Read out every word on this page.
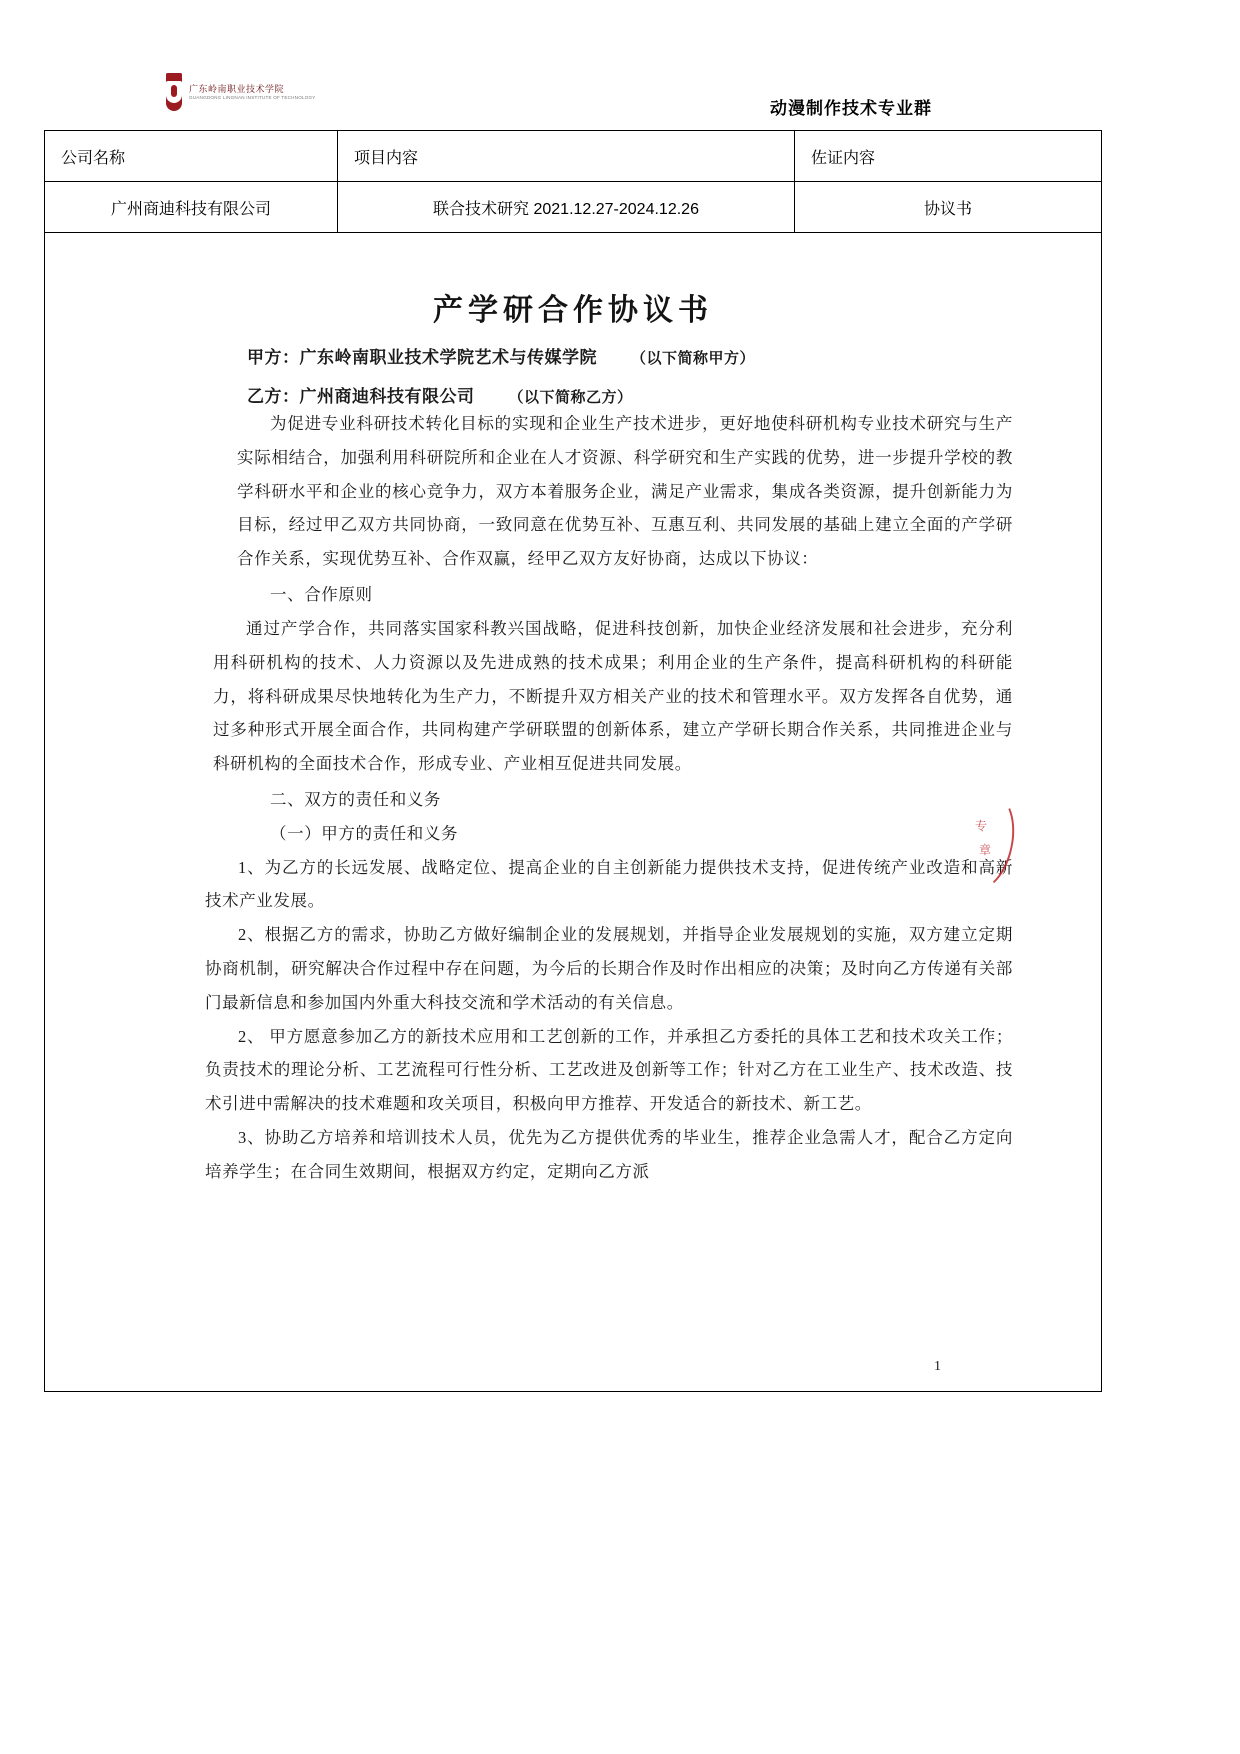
广东岭南职业技术学院
GUANGDONG LINGNAN INSTITUTE OF TECHNOLOGY
动漫制作技术专业群
公司名称	项目内容	佐证内容
广州商迪科技有限公司	联合技术研究 2021.12.27-2024.12.26	协议书

产学研合作协议书
甲方：广东岭南职业技术学院艺术与传媒学院 （以下简称甲方）
乙方：广州商迪科技有限公司 （以下简称乙方）
为促进专业科研技术转化目标的实现和企业生产技术进步，更好地使科研机构专业技术研究与生产实际相结合，加强利用科研院所和企业在人才资源、科学研究和生产实践的优势，进一步提升学校的教学科研水平和企业的核心竞争力，双方本着服务企业，满足产业需求，集成各类资源，提升创新能力为目标，经过甲乙双方共同协商，一致同意在优势互补、互惠互利、共同发展的基础上建立全面的产学研合作关系，实现优势互补、合作双赢，经甲乙双方友好协商，达成以下协议：
一、合作原则
通过产学合作，共同落实国家科教兴国战略，促进科技创新，加快企业经济发展和社会进步，充分利用科研机构的技术、人力资源以及先进成熟的技术成果；利用企业的生产条件，提高科研机构的科研能力，将科研成果尽快地转化为生产力，不断提升双方相关产业的技术和管理水平。双方发挥各自优势，通过多种形式开展全面合作，共同构建产学研联盟的创新体系，建立产学研长期合作关系，共同推进企业与科研机构的全面技术合作，形成专业、产业相互促进共同发展。
二、双方的责任和义务
（一）甲方的责任和义务
1、为乙方的长远发展、战略定位、提高企业的自主创新能力提供技术支持，促进传统产业改造和高新技术产业发展。
2、根据乙方的需求，协助乙方做好编制企业的发展规划，并指导企业发展规划的实施，双方建立定期协商机制，研究解决合作过程中存在问题，为今后的长期合作及时作出相应的决策；及时向乙方传递有关部门最新信息和参加国内外重大科技交流和学术活动的有关信息。
2、 甲方愿意参加乙方的新技术应用和工艺创新的工作，并承担乙方委托的具体工艺和技术攻关工作；负责技术的理论分析、工艺流程可行性分析、工艺改进及创新等工作；针对乙方在工业生产、技术改造、技术引进中需解决的技术难题和攻关项目，积极向甲方推荐、开发适合的新技术、新工艺。
3、协助乙方培养和培训技术人员，优先为乙方提供优秀的毕业生，推荐企业急需人才，配合乙方定向培养学生；在合同生效期间，根据双方约定，定期向乙方派
专
章
1
